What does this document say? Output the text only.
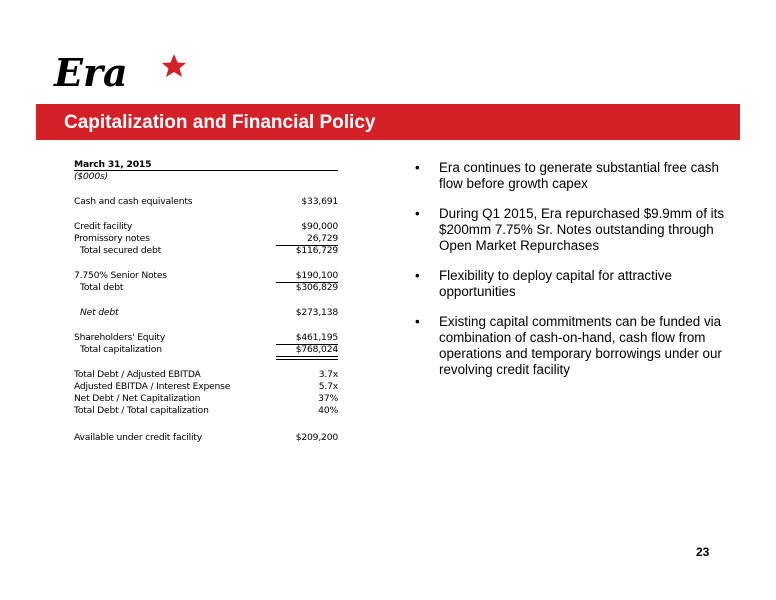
Era
Capitalization and Financial Policy
March 31, 2015
($000s)
Cash and cash equivalents	$33,691
Credit facility	$90,000
Promissory notes	26,729
Total secured debt	$116,729
7.750% Senior Notes	$190,100
Total debt	$306,829
Net debt	$273,138
Shareholders' Equity	$461,195
Total capitalization	$768,024
Total Debt / Adjusted EBITDA	3.7x
Adjusted EBITDA / Interest Expense	5.7x
Net Debt / Net Capitalization	37%
Total Debt / Total capitalization	40%
Available under credit facility	$209,200
• Era continues to generate substantial free cash flow before growth capex
• During Q1 2015, Era repurchased $9.9mm of its $200mm 7.75% Sr. Notes outstanding through Open Market Repurchases
• Flexibility to deploy capital for attractive opportunities
• Existing capital commitments can be funded via combination of cash-on-hand, cash flow from operations and temporary borrowings under our revolving credit facility
23
